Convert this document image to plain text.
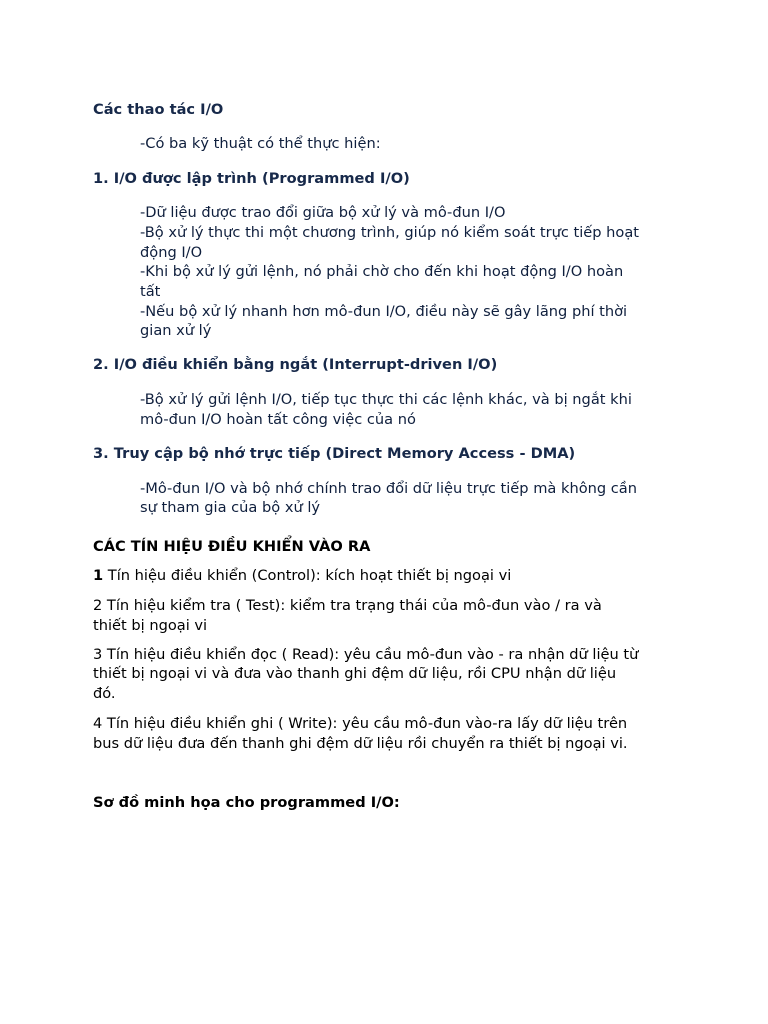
Các thao tác I/O
-Có ba kỹ thuật có thể thực hiện:
1. I/O được lập trình (Programmed I/O)
-Dữ liệu được trao đổi giữa bộ xử lý và mô-đun I/O
-Bộ xử lý thực thi một chương trình, giúp nó kiểm soát trực tiếp hoạt
động I/O
-Khi bộ xử lý gửi lệnh, nó phải chờ cho đến khi hoạt động I/O hoàn
tất
-Nếu bộ xử lý nhanh hơn mô-đun I/O, điều này sẽ gây lãng phí thời
gian xử lý
2. I/O điều khiển bằng ngắt (Interrupt-driven I/O)
-Bộ xử lý gửi lệnh I/O, tiếp tục thực thi các lệnh khác, và bị ngắt khi
mô-đun I/O hoàn tất công việc của nó
3. Truy cập bộ nhớ trực tiếp (Direct Memory Access - DMA)
-Mô-đun I/O và bộ nhớ chính trao đổi dữ liệu trực tiếp mà không cần
sự tham gia của bộ xử lý
CÁC TÍN HIỆU ĐIỀU KHIỂN VÀO RA
1 Tín hiệu điều khiển (Control): kích hoạt thiết bị ngoại vi
2 Tín hiệu kiểm tra ( Test): kiểm tra trạng thái của mô-đun vào / ra và
thiết bị ngoại vi
3 Tín hiệu điều khiển đọc ( Read): yêu cầu mô-đun vào - ra nhận dữ liệu từ
thiết bị ngoại vi và đưa vào thanh ghi đệm dữ liệu, rồi CPU nhận dữ liệu
đó.
4 Tín hiệu điều khiển ghi ( Write): yêu cầu mô-đun vào-ra lấy dữ liệu trên
bus dữ liệu đưa đến thanh ghi đệm dữ liệu rồi chuyển ra thiết bị ngoại vi.
Sơ đồ minh họa cho programmed I/O:
